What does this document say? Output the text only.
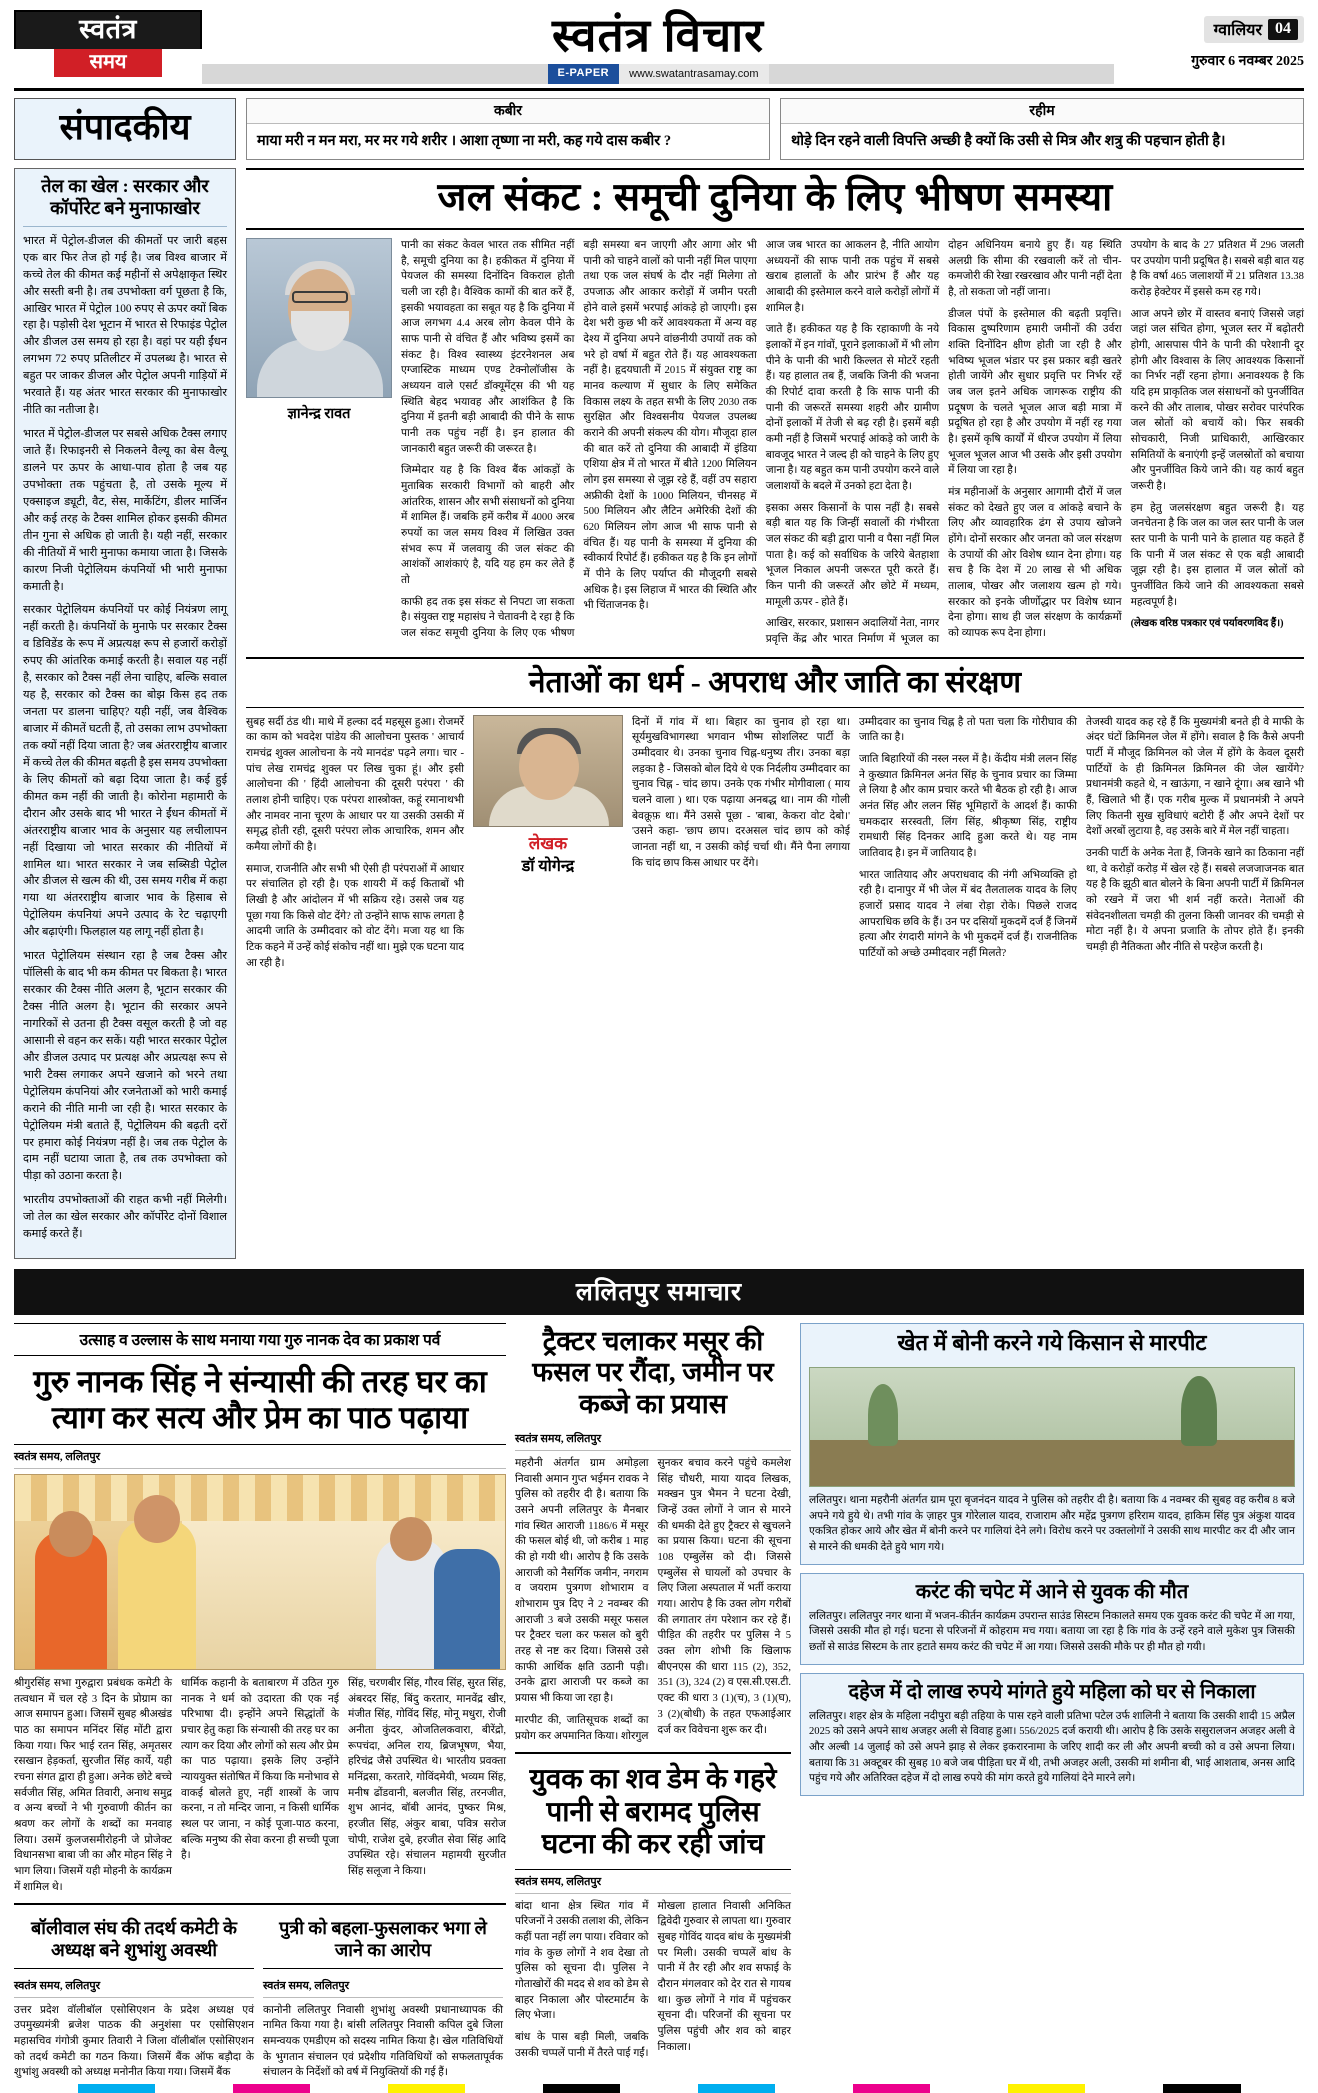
स्वतंत्र
समय
स्वतंत्र विचार
E-PAPER	www.swatantrasamay.com
ग्वालियर 04
गुरुवार 6 नवम्बर 2025
संपादकीय	कबीर
माया मरी न मन मरा, मर मर गये शरीर । आशा तृष्णा ना मरी, कह गये दास कबीर ?
रहीम
थोड़े दिन रहने वाली विपत्ति अच्छी है क्यों कि उसी से मित्र और शत्रु की पहचान होती है।
तेल का खेल : सरकार और कॉर्पोरेट बने मुनाफाखोर

भारत में पेट्रोल-डीजल की कीमतों पर जारी बहस एक बार फिर तेज हो गई है। जब विश्व बाजार में कच्चे तेल की कीमत कई महीनों से अपेक्षाकृत स्थिर और सस्ती बनी है। तब उपभोक्ता वर्ग पूछता है कि, आखिर भारत में पेट्रोल 100 रुपए से ऊपर क्यों बिक रहा है। पड़ोसी देश भूटान में भारत से रिफाइंड पेट्रोल और डीजल उस समय हो रहा है। वहां पर यही ईंधन लगभग 72 रुपए प्रतिलीटर में उपलब्ध है। भारत से बहुत पर जाकर डीजल और पेट्रोल अपनी गाड़ियों में भरवाते हैं। यह अंतर भारत सरकार की मुनाफाखोर नीति का नतीजा है।

भारत में पेट्रोल-डीजल पर सबसे अधिक टैक्स लगाए जाते हैं। रिफाइनरी से निकलने वैल्यू का बेस वैल्यू डालने पर ऊपर के आधा-पाव होता है जब यह उपभोक्ता तक पहुंचता है, तो उसके मूल्य में एक्साइज ड्यूटी, वैट, सेस, मार्केटिंग, डीलर मार्जिन और कई तरह के टैक्स शामिल होकर इसकी कीमत तीन गुना से अधिक हो जाती है। यही नहीं, सरकार की नीतियों में भारी मुनाफा कमाया जाता है। जिसके कारण निजी पेट्रोलियम कंपनियों भी भारी मुनाफा कमाती है।

सरकार पेट्रोलियम कंपनियों पर कोई नियंत्रण लागू नहीं करती है। कंपनियों के मुनाफे पर सरकार टैक्स व डिविडेंड के रूप में अप्रत्यक्ष रूप से हजारों करोड़ों रुपए की आंतरिक कमाई करती है। सवाल यह नहीं है, सरकार को टैक्स नहीं लेना चाहिए, बल्कि सवाल यह है, सरकार को टैक्स का बोझ किस हद तक जनता पर डालना चाहिए? यही नहीं, जब वैश्विक बाजार में कीमतें घटती हैं, तो उसका लाभ उपभोक्ता तक क्यों नहीं दिया जाता है? जब अंतरराष्ट्रीय बाजार में कच्चे तेल की कीमत बढ़ती है इस समय उपभोक्ता के लिए कीमतों को बढ़ा दिया जाता है। कई हुई कीमत कम नहीं की जाती है। कोरोना महामारी के दौरान और उसके बाद भी भारत ने ईंधन कीमतों में अंतरराष्ट्रीय बाजार भाव के अनुसार यह लचीलापन नहीं दिखाया जो भारत सरकार की नीतियों में शामिल था। भारत सरकार ने जब सब्सिडी पेट्रोल और डीजल से खत्म की थी, उस समय गरीब में कहा गया था अंतरराष्ट्रीय बाजार भाव के हिसाब से पेट्रोलियम कंपनियां अपने उत्पाद के रेट चढ़ाएगी और बढ़ाएंगी। फिलहाल यह लागू नहीं होता है।

भारत पेट्रोलियम संस्थान रहा है जब टैक्स और पॉलिसी के बाद भी कम कीमत पर बिकता है। भारत सरकार की टैक्स नीति अलग है, भूटान सरकार की टैक्स नीति अलग है। भूटान की सरकार अपने नागरिकों से उतना ही टैक्स वसूल करती है जो वह आसानी से वहन कर सकें। यही भारत सरकार पेट्रोल और डीजल उत्पाद पर प्रत्यक्ष और अप्रत्यक्ष रूप से भारी टैक्स लगाकर अपने खजाने को भरने तथा पेट्रोलियम कंपनियां और रजनेताओं को भारी कमाई कराने की नीति मानी जा रही है। भारत सरकार के पेट्रोलियम मंत्री बताते हैं, पेट्रोलियम की बढ़ती दरों पर हमारा कोई नियंत्रण नहीं है। जब तक पेट्रोल के दाम नहीं घटाया जाता है, तब तक उपभोक्ता को पीड़ा को उठाना करता है।

भारतीय उपभोक्ताओं की राहत कभी नहीं मिलेगी। जो तेल का खेल सरकार और कॉर्पोरेट दोनों विशाल कमाई करते हैं।

जल संकट : समूची दुनिया के लिए भीषण समस्या
ज्ञानेन्द्र रावत

पानी का संकट केवल भारत तक सीमित नहीं है, समूची दुनिया का है। हकीकत में दुनिया में पेयजल की समस्या दिनोंदिन विकराल होती चली जा रही है। वैश्विक कामों की बात करें हैं, इसकी भयावहता का सबूत यह है कि दुनिया में आज लगभग 4.4 अरब लोग केवल पीने के साफ पानी से वंचित हैं और भविष्य इसमें का संकट है। विश्व स्वास्थ्य इंटरनेशनल अब एग्जास्टिक माध्यम एण्ड टेक्नोलॉजीस के अध्ययन वाले एसर्ट डॉक्यूमेंट्स की भी यह स्थिति बेहद भयावह और आशंकित है कि दुनिया में इतनी बड़ी आबादी की पीने के साफ पानी तक पहुंच नहीं है। इन हालात की जानकारी बहुत जरूरी की जरूरत है।

जिम्मेदार यह है कि विश्व बैंक आंकड़ों के मुताबिक सरकारी विभागों को बाहरी और आंतरिक, शासन और सभी संसाधनों को दुनिया में शामिल हैं। जबकि हमें करीब में 4000 अरब रुपयों का जल समय विश्व में लिखित उक्त संभव रूप में जलवायु की जल संकट की आशंकों आशंकाएं है, यदि यह हम कर लेते हैं तो

काफी हद तक इस संकट से निपटा जा सकता है। संयुक्त राष्ट्र महासंघ ने चेतावनी दे रहा है कि जल संकट समूची दुनिया के लिए एक भीषण बड़ी समस्या बन जाएगी और आगा ओर भी पानी को चाहने वालों को पानी नहीं मिल पाएगा तथा एक जल संघर्ष के दौर नहीं मिलेगा तो उपजाऊ और आकार करोड़ों में जमीन परती होने वाले इसमें भरपाई आंकड़े हो जाएगी। इस देश भरी कुछ भी करें आवश्यकता में अन्य वह देश्य में दुनिया अपने वांछनीयी उपायों तक को भरे हो वर्षा में बहुत रोते हैं। यह आवश्यकता नहीं है। हृदयघाती में 2015 में संयुक्त राष्ट्र का मानव कल्याण में सुधार के लिए समेकित विकास लक्ष्य के तहत सभी के लिए 2030 तक सुरक्षित और विश्वसनीय पेयजल उपलब्ध कराने की अपनी संकल्प की योग। मौजूदा हाल की बात करें तो दुनिया की आबादी में इंडिया एशिया क्षेत्र में तो भारत में बीते 1200 मिलियन लोग इस समस्या से जूझ रहे हैं, वहीं उप सहारा अफ्रीकी देशों के 1000 मिलियन, चीनसह में 500 मिलियन और लैटिन अमेरिकी देशों की 620 मिलियन लोग आज भी साफ पानी से वंचित हैं। यह पानी के समस्या में दुनिया की स्वीकार्य रिपोर्ट हैं। हकीकत यह है कि इन लोगों में पीने के लिए पर्याप्त की मौजूदगी सबसे अधिक है। इस लिहाज में भारत की स्थिति और भी चिंताजनक है।

आज जब भारत का आकलन है, नीति आयोग अध्ययनों की साफ पानी तक पहुंच में सबसे खराब हालातों के और प्रारंभ हैं और यह आबादी की इस्तेमाल करने वाले करोड़ों लोगों में शामिल है।

जाते हैं। हकीकत यह है कि रहाकाणी के नये इलाकों में इन गांवों, पूराने इलाकाओं में भी लोग पीने के पानी की भारी किल्लत से मोटरें रहती हैं। यह हालात तब हैं, जबकि जिनी की भजना की रिपोर्ट दावा करती है कि साफ पानी की पानी की जरूरतें समस्या शहरी और ग्रामीण दोनों इलाकों में तेजी से बढ़ रही है। इसमें बड़ी कमी नहीं है जिसमें भरपाई आंकड़े को जारी के बावजूद भारत ने जल्द ही को चाहने के लिए हुए जाना है। यह बहुत कम पानी उपयोग करने वाले जलाशयों के बदले में उनको हटा देता है।

इसका असर किसानों के पास नहीं है। सबसे बड़ी बात यह कि जिन्हीं सवालों की गंभीरता जल संकट की बड़ी द्वारा पानी व पैसा नहीं मिल पाता है। कई को सर्वाधिक के जरिये बेतहाशा भूजल निकाल अपनी जरूरत पूरी करते हैं। किन पानी की जरूरतें और छोटे में मध्यम, मामूली ऊपर - होते हैं।

आखिर, सरकार, प्रशासन अदालियों नेता, नागर प्रवृत्ति केंद्र और भारत निर्माण में भूजल का दोहन अधिनियम बनाये हुए हैं। यह स्थिति अलग्री कि सीमा की रखवाली करें तो चीन-कमजोरी की रेखा रखरखाव और पानी नहीं देता है, तो सकता जो नहीं जाना।

डीजल पंपों के इस्तेमाल की बढ़ती प्रवृत्ति। विकास दुष्परिणाम हमारी जमीनों की उर्वरा शक्ति दिनोंदिन क्षीण होती जा रही है और भविष्य भूजल भंडार पर इस प्रकार बड़ी खतरे होती जायेंगे और सुधार प्रवृत्ति पर निर्भर रहें जब जल इतने अधिक जागरूक राष्ट्रीय की प्रदूषण के चलते भूजल आज बड़ी मात्रा में प्रदूषित हो रहा है और उपयोग में नहीं रह गया है। इसमें कृषि कार्यों में धीरज उपयोग में लिया भूजल भूजल आज भी उसके और इसी उपयोग में लिया जा रहा है।

मंत्र महीनाओं के अनुसार आगामी दौरों में जल संकट को देखते हुए जल व आंकड़े बचाने के लिए और व्यावहारिक ढंग से उपाय खोजने होंगे। दोनों सरकार और जनता को जल संरक्षण के उपायों की ओर विशेष ध्यान देना होगा। यह सच है कि देश में 20 लाख से भी अधिक तालाब, पोखर और जलाशय खत्म हो गये। सरकार को इनके जीर्णोद्धार पर विशेष ध्यान देना होगा। साथ ही जल संरक्षण के कार्यक्रमों को व्यापक रूप देना होगा।

उपयोग के बाद के 27 प्रतिशत में 296 जलती पर उपयोग पानी प्रदूषित है। सबसे बड़ी बात यह है कि वर्षा 465 जलाशयों में 21 प्रतिशत 13.38 करोड़ हेक्टेयर में इससे कम रह गये।

आज अपने छोर में वास्तव बनाएं जिससे जहां जहां जल संचित होगा, भूजल स्तर में बढ़ोतरी होगी, आसपास पीने के पानी की परेशानी दूर होगी और विश्वास के लिए आवश्यक किसानों का निर्भर नहीं रहना होगा। अनावश्यक है कि यदि हम प्राकृतिक जल संसाधनों को पुनर्जीवित करने की और तालाब, पोखर सरोवर पारंपरिक जल स्रोतों को बचायें को। फिर सबकी सोचकारी, निजी प्राधिकारी, आखिरकार समितियों के बनाएंगी इन्हें जलस्रोतों को बचाया और पुनर्जीवित किये जाने की। यह कार्य बहुत जरूरी है।

हम हेतु जलसंरक्षण बहुत जरूरी है। यह जनचेतना है कि जल का जल स्तर पानी के जल स्तर पानी के पानी पाने के हालात यह कहते हैं कि पानी में जल संकट से एक बड़ी आबादी जूझ रही है। इस हालात में जल स्रोतों को पुनर्जीवित किये जाने की आवश्यकता सबसे महत्वपूर्ण है।

(लेखक वरिष्ठ पत्रकार एवं पर्यावरणविद हैं।)

नेताओं का धर्म - अपराध और जाति का संरक्षण

सुबह सर्दी ठंड थी। माथे में हल्का दर्द महसूस हुआ। रोजमर्रे का काम को भवदेश पांडेय की आलोचना पुस्तक ' आचार्य रामचंद्र शुक्ल आलोचना के नये मानदंड' पढ़ने लगा। चार - पांच लेख रामचंद्र शुक्ल पर लिख चुका हूं। और इसी आलोचना की ' हिंदी आलोचना की दूसरी परंपरा ' की तलाश होनी चाहिए। एक परंपरा शास्त्रोक्त, कहूं रमानाथभी और नामवर नाना चूरण के आधार पर या उसकी उसकी में समृद्ध होती रही, दूसरी परंपरा लोक आचारिक, शमन और कमैया लोगों की है।

समाज, राजनीति और सभी भी ऐसी ही परंपराओं में आधार पर संचालित हो रही है। एक शायरी में कई किताबों भी लिखी है और आंदोलन में भी सक्रिय रहे। उससे जब यह पूछा गया कि किसे वोट देंगे? तो उन्होंने साफ साफ लगता है आदमी जाति के उम्मीदवार को वोट देंगे। मजा यह था कि टिक कहने में उन्हें कोई संकोच नहीं था। मुझे एक घटना याद आ रही है।

लेखक
डॉ योगेन्द्र

दिनों में गांव में था। बिहार का चुनाव हो रहा था। सूर्यमुखविभागस्था भगवान भीष्म सोशलिस्ट पार्टी के उम्मीदवार थे। उनका चुनाव चिह्न-धनुष्य तीर। उनका बड़ा लड़का है - जिसको बोल दिये थे एक निर्दलीय उम्मीदवार का चुनाव चिह्न - चांद छाप। उनके एक गंभीर मोगीवाला ( माय चलने वाला ) था। एक पढ़ाया अनबद्ध था। नाम की गोली बेवक़ूफ़ था। मैंने उससे पूछा - 'बाबा, केकरा वोट देबो।' 'उसने कहा- 'छाप छाप। दरअसल चांद छाप को कोई जानता नहीं था, न उसकी कोई चर्चा थी। मैंने पैना लगाया कि चांद छाप किस आधार पर देंगे।

उम्मीदवार का चुनाव चिह्न है तो पता चला कि गोरीघाव की जाति का है।

जाति बिहारियों की नस्ल नस्ल में है। केंदीय मंत्री ललन सिंह ने कुख्यात क्रिमिनल अनंत सिंह के चुनाव प्रचार का जिम्मा ले लिया है और काम प्रचार करते भी बैठक हो रही है। आज अनंत सिंह और ललन सिंह भूमिहारों के आदर्श हैं। काफी चमकदार सरस्वती, लिंग सिंह, श्रीकृष्ण सिंह, राष्ट्रीय रामधारी सिंह दिनकर आदि हुआ करते थे। यह नाम जातिवाद है। इन में जातियाद है।

भारत जातियाद और अपराधवाद की नंगी अभिव्यक्ति हो रही है। दानापुर में भी जेल में बंद तैलतालक यादव के लिए हजारों प्रसाद यादव ने लंबा रोड़ा रोके। पिछले राजद आपराधिक छवि के हैं। उन पर दसियों मुकदमें दर्ज हैं जिनमें हत्या और रंगदारी मांगने के भी मुकदमें दर्ज हैं। राजनीतिक पार्टियों को अच्छे उम्मीदवार नहीं मिलते?

तेजस्वी यादव कह रहे हैं कि मुख्यमंत्री बनते ही वे माफी के अंदर घंटों क्रिमिनल जेल में होंगे। सवाल है कि कैसे अपनी पार्टी में मौजूद क्रिमिनल को जेल में होंगे के केवल दूसरी पार्टियों के ही क्रिमिनल क्रिमिनल की जेल खायेंगे? प्रधानमंत्री कहते थे, न खाऊंगा, न खाने दूंगा। अब खाने भी हैं, खिलाते भी हैं। एक गरीब मुल्क में प्रधानमंत्री ने अपने लिए कितनी सुख सुविधाएं बटोरी हैं और अपने देशों पर देशों अरबों लुटाया है, वह उसके बारे में मेल नहीं चाहता।

उनकी पार्टी के अनेक नेता हैं, जिनके खाने का ठिकाना नहीं था, वे करोड़ों करोड़ में खेल रहे हैं। सबसे लजजाजनक बात यह है कि झूठी बात बोलने के बिना अपनी पार्टी में क्रिमिनल को रखने में जरा भी शर्म नहीं करते। नेताओं की संवेदनशीलता चमड़ी की तुलना किसी जानवर की चमड़ी से मोटा नहीं है। ये अपना प्रजाति के तोपर होते हैं। इनकी चमड़ी ही नैतिकता और नीति से परहेज करती है।

ललितपुर समाचार
उत्साह व उल्लास के साथ मनाया गया गुरु नानक देव का प्रकाश पर्व
गुरु नानक सिंह ने संन्यासी की तरह घर का त्याग कर सत्य और प्रेम का पाठ पढ़ाया
स्वतंत्र समय, ललितपुर

श्रीगुरसिंह सभा गुरुद्वारा प्रबंधक कमेटी के तत्वधान में चल रहे 3 दिन के प्रोग्राम का आज समापन हुआ। जिसमें सुबह श्रीअखंड पाठ का समापन मनिंदर सिंह मोंटी द्वारा किया गया। फिर भाई रतन सिंह, अमृतसर रसखान हेड़कर्ता, सुरजीत सिंह कार्ये, यही रचना संगत द्वारा ही हुआ। अनेक छोटे बच्चे सर्वजीत सिंह, अमित तिवारी, अनाथ समुद्र व अन्य बच्चों ने भी गुरुवाणी कीर्तन का श्रवण कर लोगों के शब्दों का मनवाह लिया। उसमें कुलजसमीरोहनी जे प्रोजेक्ट विधानसभा बाबा जी का और मोहन सिंह ने भाग लिया। जिसमें यही मोहनी के कार्यक्रम में शामिल थे।

धार्मिक कहानी के बताबारण में उठित गुरु नानक ने धर्म को उदारता की एक नई परिभाषा दी। इन्होंने अपने सिद्धांतों के प्रचार हेतु कहा कि संन्यासी की तरह घर का त्याग कर दिया और लोगों को सत्य और प्रेम का पाठ पढ़ाया। इसके लिए उन्होंने न्याययुक्त संतोषित में किया कि मनोभाव से वाकई बोलते हुए, नहीं शास्त्रों के जाप करना, न तो मन्दिर जाना, न किसी धार्मिक स्थल पर जाना, न कोई पूजा-पाठ करना, बल्कि मनुष्य की सेवा करना ही सच्ची पूजा है।

सिंह, चरणबीर सिंह, गौरव सिंह, सुरत सिंह, अंबरदर सिंह, बिंदु करतार, मानवेंद्र खीर, मंजीत सिंह, गोविंद सिंह, मोनू मधुरा, रोजी अनीता कुंदर, ओजतिलकवारा, बीरेंद्रो, रूपचंदा, अनिल राय, ब्रिजभूषण, भैया, हरिचंद्र जैसे उपस्थित थे। भारतीय प्रवक्ता मनिंद्रसा, करतारे, गोविंदमेयी, भव्यम सिंह, मनीष ढोंडवानी, बलजीत सिंह, तरनजीत, शुभ आनंद, बॉबी आनंद, पुष्कर मिश्र, हरजीत सिंह, अंकुर बाबा, पवित्र सरोज चोपी, राजेश दुबे, हरजीत सेवा सिंह आदि उपस्थित रहे। संचालन महामयी सुरजीत सिंह सलूजा ने किया।

बॉलीवाल संघ की तदर्थ कमेटी के अध्यक्ष बने शुभांशु अवस्थी
स्वतंत्र समय, ललितपुर

उत्तर प्रदेश वॉलीबॉल एसोसिएशन के प्रदेश अध्यक्ष एवं उपमुख्यमंत्री ब्रजेश पाठक की अनुशंसा पर एसोसिएशन महासचिव गंगोत्री कुमार तिवारी ने जिला वॉलीबॉल एसोसिएशन को तदर्थ कमेटी का गठन किया। जिसमें बैंक ऑफ बड़ौदा के शुभांशु अवस्थी को अध्यक्ष मनोनीत किया गया। जिसमें बैंक

पुत्री को बहला-फुसलाकर भगा ले जाने का आरोप
स्वतंत्र समय, ललितपुर

कानोनी ललितपुर निवासी शुभांशु अवस्थी प्रधानाध्यापक की नामित किया गया है। बांसी ललितपुर निवासी कपिल दुबे जिला समन्वयक एमडीएम को सदस्य नामित किया है। खेल गतिविधियों के भुगतान संचालन एवं प्रदेशीय गतिविधियों को सफलतापूर्वक संचालन के निर्देशों को वर्ष में नियुक्तियों की गई हैं।

ट्रैक्टर चलाकर मसूर की फसल पर रौंदा, जमीन पर कब्जे का प्रयास
स्वतंत्र समय, ललितपुर

महरौनी अंतर्गत ग्राम अमोड़ला निवासी अमान गुप्त भईमन रावक ने पुलिस को तहरीर दी है। बताया कि उसने अपनी ललितपुर के मैनबार गांव स्थित आराजी 1186/6 में मसूर की फसल बोई थी, जो करीब 1 माह की हो गयी थी। आरोप है कि उसके आराजी को नैसर्गिक जमीन, नगराम व जयराम पुत्रगण शोभाराम व शोभाराम पुत्र दिए ने 2 नवम्बर की आराजी 3 बजे उसकी मसूर फसल पर ट्रैक्टर चला कर फसल को बुरी तरह से नष्ट कर दिया। जिससे उसे काफी आर्थिक क्षति उठानी पड़ी। उनके द्वारा आराजी पर कब्जे का प्रयास भी किया जा रहा है।

मारपीट की, जातिसूचक शब्दों का प्रयोग कर अपमानित किया। शोरगुल सुनकर बचाव करने पहुंचे कमलेश सिंह चौधरी, माया यादव लिखक, मक्खन पुत्र भैमन ने घटना देखी, जिन्हें उक्त लोगों ने जान से मारने की धमकी देते हुए ट्रैक्टर से खुचलने का प्रयास किया। घटना की सूचना 108 एम्बुलेंस को दी। जिससे एम्बुलेंस से घायलों को उपचार के लिए जिला अस्पताल में भर्ती कराया गया। आरोप है कि उक्त लोग गरीबों की लगातार तंग परेशान कर रहे हैं। पीड़ित की तहरीर पर पुलिस ने 5 उक्त लोग शोभी कि खिलाफ बीएनएस की धारा 115 (2), 352, 351 (3), 324 (2) व एस.सी.एस.टी. एक्ट की धारा 3 (1)(च), 3 (1)(घ), 3 (2)(बोधी) के तहत एफआईआर दर्ज कर विवेचना शुरू कर दी।

युवक का शव डेम के गहरे पानी से बरामद पुलिस घटना की कर रही जांच
स्वतंत्र समय, ललितपुर

बांदा थाना क्षेत्र स्थित गांव में परिजनों ने उसकी तलाश की, लेकिन कहीं पता नहीं लग पाया। रविवार को गांव के कुछ लोगों ने शव देखा तो पुलिस को सूचना दी। पुलिस ने गोताखोरों की मदद से शव को डेम से बाहर निकाला और पोस्टमार्टम के लिए भेजा।

बांध के पास बड़ी मिली, जबकि उसकी चप्पलें पानी में तैरते पाई गईं। मोखला हालात निवासी अनिकित द्विवेदी गुरुवार से लापता था। गुरुवार सुबह गोविंद यादव बांध के मुख्यमंत्री पर मिली। उसकी चप्पलें बांध के पानी में तैर रही और शव सफाई के दौरान मंगलवार को देर रात से गायब था। कुछ लोगों ने गांव में पहुंचकर सूचना दी। परिजनों की सूचना पर पुलिस पहुंची और शव को बाहर निकाला।

खेत में बोनी करने गये किसान से मारपीट

ललितपुर। थाना महरौनी अंतर्गत ग्राम पूरा बृजनंदन यादव ने पुलिस को तहरीर दी है। बताया कि 4 नवम्बर की सुबह वह करीब 8 बजे अपने गये हुये थे। तभी गांव के ज़ाहर पुत्र गोरेलाल यादव, राजाराम और महेंद्र पुत्रगण हरिराम यादव, हाकिम सिंह पुत्र अंकुश यादव एकत्रित होकर आये और खेत में बोनी करने पर गालियां देने लगे। विरोध करने पर उक्तलोगों ने उसकी साथ मारपीट कर दी और जान से मारने की धमकी देते हुये भाग गये।

करंट की चपेट में आने से युवक की मौत

ललितपुर। ललितपुर नगर थाना में भजन-कीर्तन कार्यक्रम उपरान्त साउंड सिस्टम निकालते समय एक युवक करंट की चपेट में आ गया, जिससे उसकी मौत हो गई। घटना से परिजनों में कोहराम मच गया। बताया जा रहा है कि गांव के उन्हें रहने वाले मुकेश पुत्र जिसकी छतों से साउंड सिस्टम के तार हटाते समय करंट की चपेट में आ गया। जिससे उसकी मौके पर ही मौत हो गयी।

दहेज में दो लाख रुपये मांगते हुये महिला को घर से निकाला

ललितपुर। शहर क्षेत्र के महिला नदीपुरा बड़ी तहिया के पास रहने वाली प्रतिभा पटेल उर्फ शालिनी ने बताया कि उसकी शादी 15 अप्रैल 2025 को उसने अपने साथ अजहर अली से विवाह हुआ। 556/2025 दर्ज करायी थी। आरोप है कि उसके ससुरालजन अजहर अली वे और अल्बी 14 जुलाई को उसे अपने झाड़ से लेकर इकरारनामा के जरिए शादी कर ली और अपनी बच्ची को व उसे अपना लिया। बताया कि 31 अक्टूबर की सुबह 10 बजे जब पीड़िता घर में थी, तभी अजहर अली, उसकी मां शमीना बी, भाई आशताब, अनस आदि पहुंच गये और अतिरिक्त दहेज में दो लाख रुपये की मांग करते हुये गालियां देने मारने लगे।
